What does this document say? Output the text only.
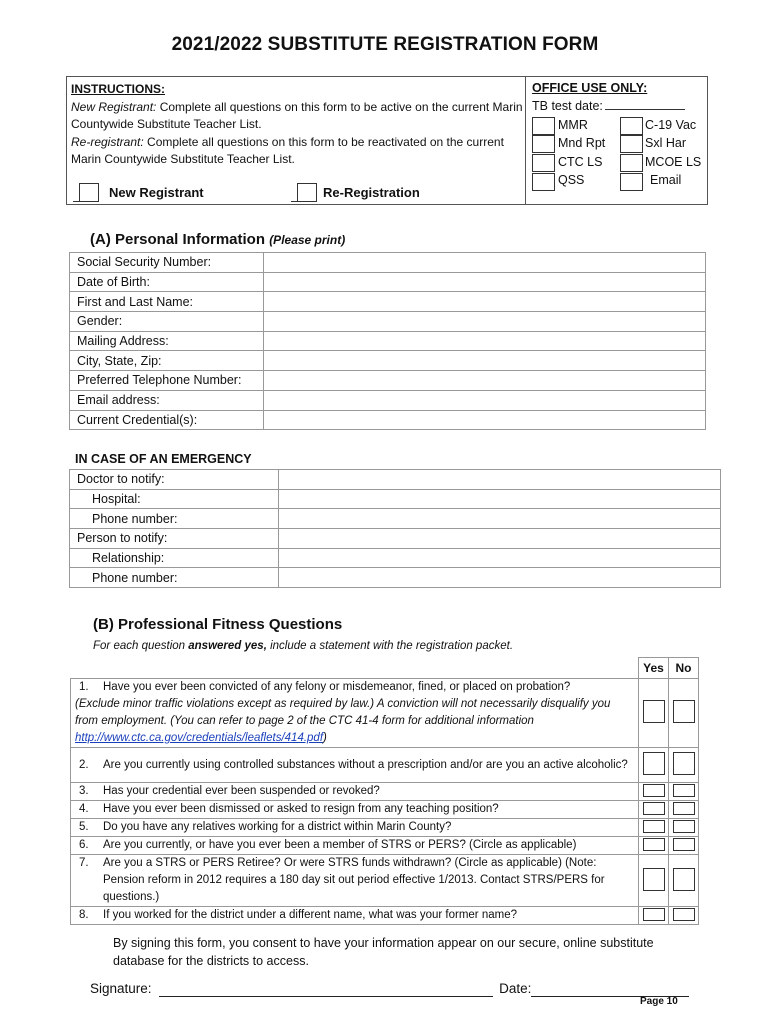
2021/2022 SUBSTITUTE REGISTRATION FORM
INSTRUCTIONS:
New Registrant: Complete all questions on this form to be active on the current Marin Countywide Substitute Teacher List.
Re-registrant: Complete all questions on this form to be reactivated on the current Marin Countywide Substitute Teacher List.
New Registrant	Re-Registration
OFFICE USE ONLY:
TB test date:
MMR	C-19 Vac
Mnd Rpt	Sxl Har
CTC LS	MCOE LS
QSS	Email
(A) Personal Information (Please print)
Social Security Number:	
Date of Birth:	
First and Last Name:	
Gender:	
Mailing Address:	
City, State, Zip:	
Preferred Telephone Number:	
Email address:	
Current Credential(s):	
IN CASE OF AN EMERGENCY
Doctor to notify:	
Hospital:	
Phone number:	
Person to notify:	
Relationship:	
Phone number:	
(B) Professional Fitness Questions
For each question answered yes, include a statement with the registration packet.
	Yes	No

1. Have you ever been convicted of any felony or misdemeanor, fined, or placed on probation?
(Exclude minor traffic violations except as required by law.) A conviction will not necessarily disqualify you from employment. (You can refer to page 2 of the CTC 41-4 form for additional information http://www.ctc.ca.gov/credentials/leaflets/414.pdf)		

2. Are you currently using controlled substances without a prescription and/or are you an active alcoholic?		

3. Has your credential ever been suspended or revoked?		

4. Have you ever been dismissed or asked to resign from any teaching position?		

5. Do you have any relatives working for a district within Marin County?		

6. Are you currently, or have you ever been a member of STRS or PERS? (Circle as applicable)		

7. Are you a STRS or PERS Retiree? Or were STRS funds withdrawn? (Circle as applicable) (Note: Pension reform in 2012 requires a 180 day sit out period effective 1/2013. Contact STRS/PERS for questions.)		

8. If you worked for the district under a different name, what was your former name?		

By signing this form, you consent to have your information appear on our secure, online substitute database for the districts to access.
Signature:	Date:
Page 10
